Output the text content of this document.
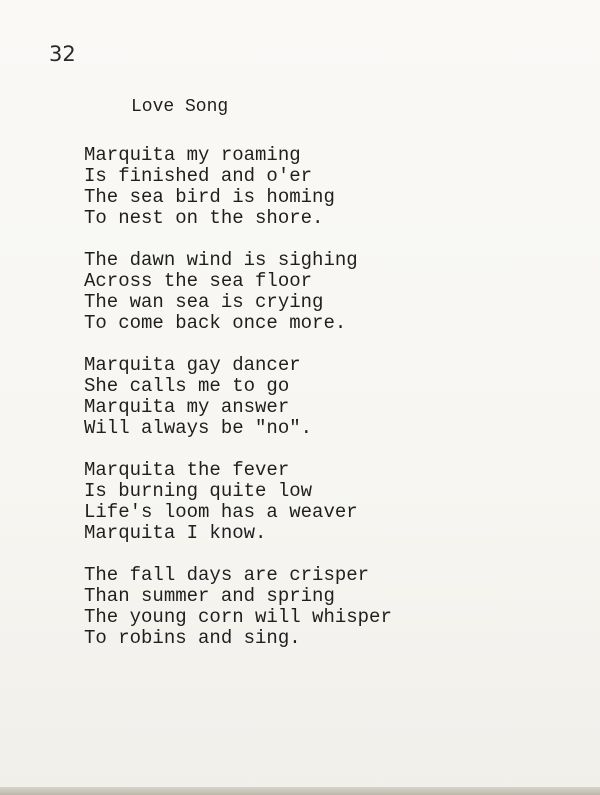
32

Love Song

Marquita my roaming
Is finished and o'er
The sea bird is homing
To nest on the shore.
The dawn wind is sighing
Across the sea floor
The wan sea is crying
To come back once more.
Marquita gay dancer
She calls me to go
Marquita my answer
Will always be "no".
Marquita the fever
Is burning quite low
Life's loom has a weaver
Marquita I know.
The fall days are crisper
Than summer and spring
The young corn will whisper
To robins and sing.
